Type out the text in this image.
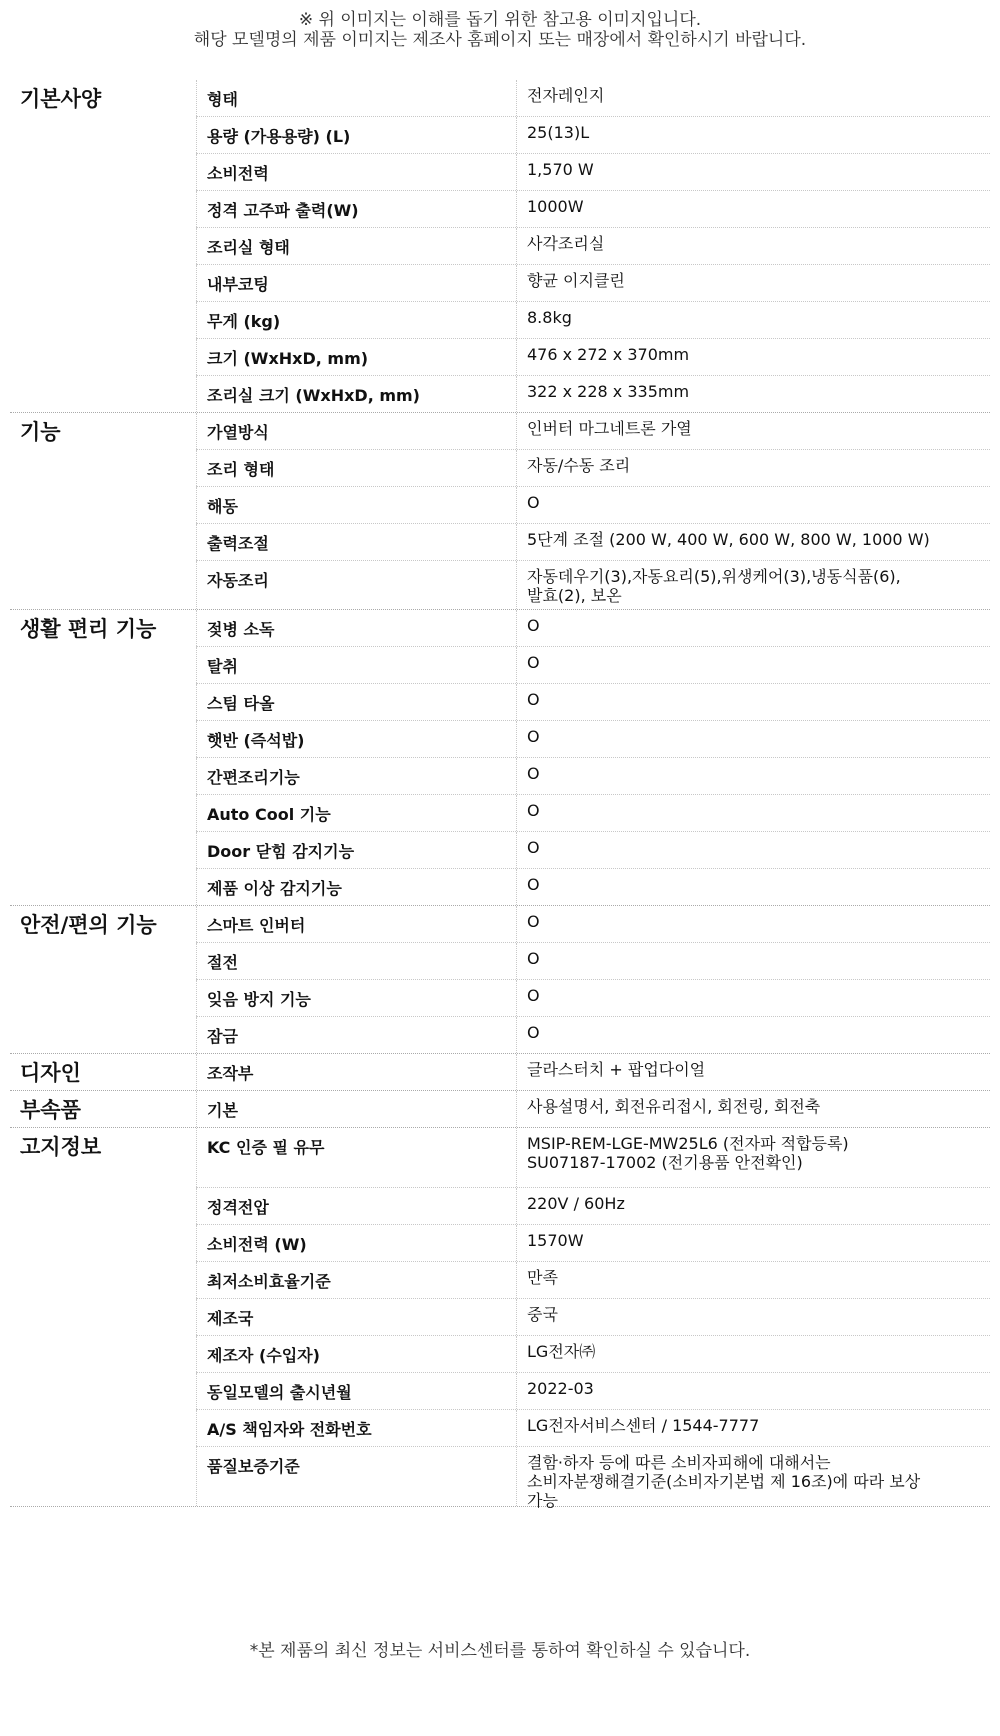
※ 위 이미지는 이해를 돕기 위한 참고용 이미지입니다.
해당 모델명의 제품 이미지는 제조사 홈페이지 또는 매장에서 확인하시기 바랍니다.
기본사양	형태	전자레인지
용량 (가용용량) (L)	25(13)L
소비전력	1,570 W
정격 고주파 출력(W)	1000W
조리실 형태	사각조리실
내부코팅	향균 이지클린
무게 (kg)	8.8kg
크기 (WxHxD, mm)	476 x 272 x 370mm
조리실 크기 (WxHxD, mm)	322 x 228 x 335mm
기능	가열방식	인버터 마그네트론 가열
조리 형태	자동/수동 조리
해동	O
출력조절	5단계 조절 (200 W, 400 W, 600 W, 800 W, 1000 W)
자동조리	자동데우기(3),자동요리(5),위생케어(3),냉동식품(6),
발효(2), 보온
생활 편리 기능	젖병 소독	O
탈취	O
스팀 타올	O
햇반 (즉석밥)	O
간편조리기능	O
Auto Cool 기능	O
Door 닫힘 감지기능	O
제품 이상 감지기능	O
안전/편의 기능	스마트 인버터	O
절전	O
잊음 방지 기능	O
잠금	O
디자인	조작부	글라스터치 + 팝업다이얼
부속품	기본	사용설명서, 회전유리접시, 회전링, 회전축
고지정보	KC 인증 필 유무	MSIP-REM-LGE-MW25L6 (전자파 적합등록)
SU07187-17002 (전기용품 안전확인)
정격전압	220V / 60Hz
소비전력 (W)	1570W
최저소비효율기준	만족
제조국	중국
제조자 (수입자)	LG전자㈜
동일모델의 출시년월	2022-03
A/S 책임자와 전화번호	LG전자서비스센터 / 1544-7777
품질보증기준	결함·하자 등에 따른 소비자피해에 대해서는
소비자분쟁해결기준(소비자기본법 제 16조)에 따라 보상
가능
*본 제품의 최신 정보는 서비스센터를 통하여 확인하실 수 있습니다.
